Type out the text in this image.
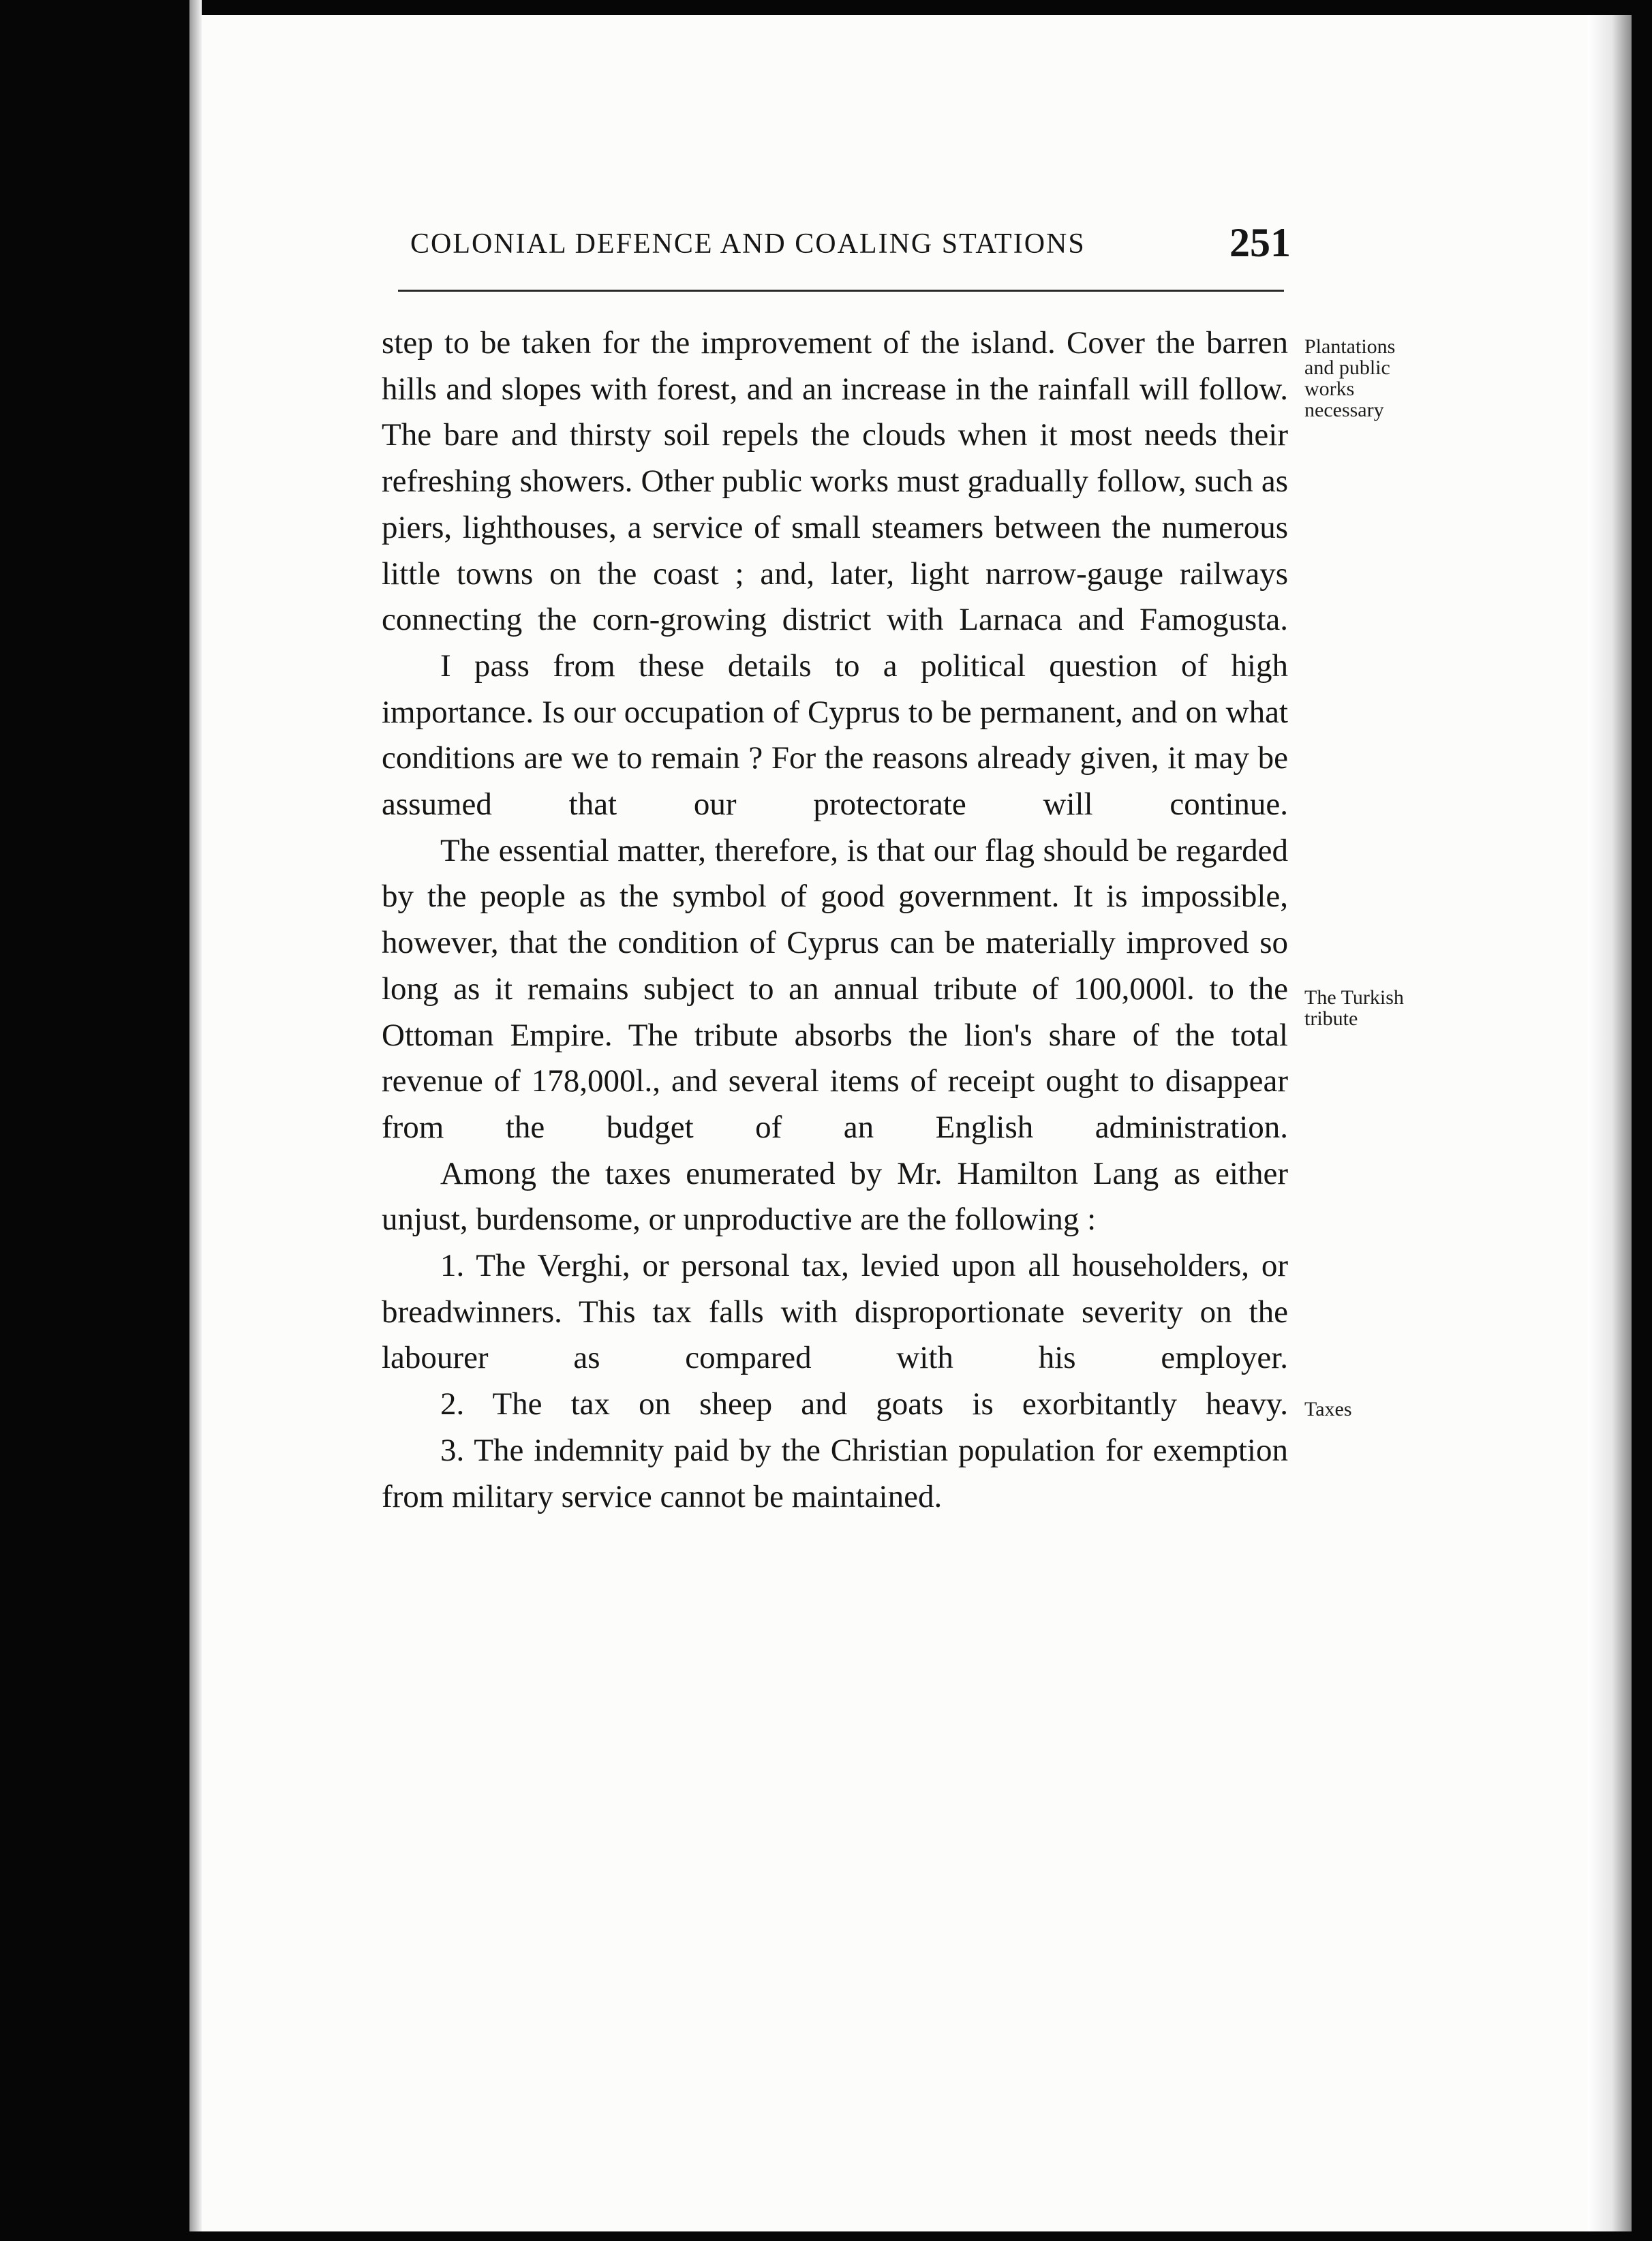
COLONIAL DEFENCE AND COALING STATIONS	251

step to be taken for the improvement of the island. Cover the barren hills and slopes with forest, and an increase in the rainfall will follow. The bare and thirsty soil repels the clouds when it most needs their refreshing showers. Other public works must gradually follow, such as piers, lighthouses, a service of small steamers between the numerous little towns on the coast ; and, later, light narrow-gauge railways connecting the corn-growing district with Larnaca and Famogusta.

I pass from these details to a political question of high importance. Is our occupation of Cyprus to be permanent, and on what conditions are we to remain ? For the reasons already given, it may be assumed that our protectorate will continue.

The essential matter, therefore, is that our flag should be regarded by the people as the symbol of good government. It is impossible, however, that the condition of Cyprus can be materially improved so long as it remains subject to an annual tribute of 100,000l. to the Ottoman Empire. The tribute absorbs the lion's share of the total revenue of 178,000l., and several items of receipt ought to disappear from the budget of an English administration.

Among the taxes enumerated by Mr. Hamilton Lang as either unjust, burdensome, or unproductive are the following :

1. The Verghi, or personal tax, levied upon all householders, or breadwinners. This tax falls with disproportionate severity on the labourer as compared with his employer.

2. The tax on sheep and goats is exorbitantly heavy.

3. The indemnity paid by the Christian population for exemption from military service cannot be maintained.

Plantations
and public
works
necessary
The Turkish
tribute
Taxes
